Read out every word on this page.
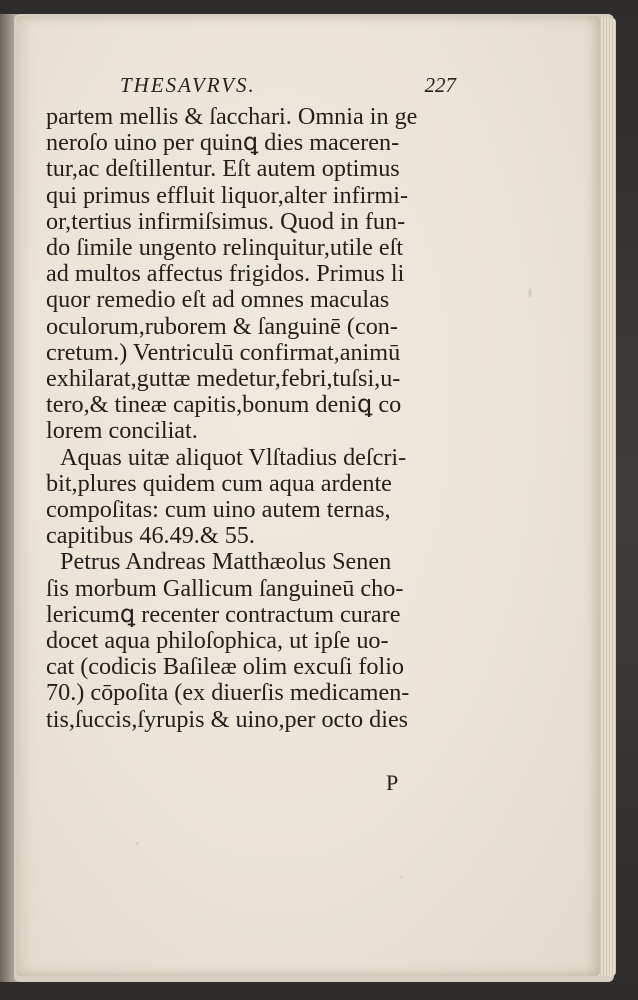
THESAVRVS.	227
partem mellis & ſacchari. Omnia in ge
neroſo uino per quinꝗ dies maceren-
tur,ac deſtillentur. Eſt autem optimus
qui primus effluit liquor,alter infirmi-
or,tertius infirmiſsimus. Quod in fun-
do ſimile ungento relinquitur,utile eſt
ad multos affectus frigidos. Primus li
quor remedio eſt ad omnes maculas
oculorum,ruborem & ſanguinē (con-
cretum.) Ventriculū confirmat,animū
exhilarat,guttæ medetur,febri,tuſsi,u-
tero,& tineæ capitis,bonum deniꝗ co
lorem conciliat.
Aquas uitæ aliquot Vlſtadius deſcri-
bit,plures quidem cum aqua ardente
compoſitas: cum uino autem ternas,
capitibus 46.49.& 55.
Petrus Andreas Matthæolus Senen
ſis morbum Gallicum ſanguineū cho-
lericumꝗ recenter contractum curare
docet aqua philoſophica, ut ipſe uo-
cat (codicis Baſileæ olim excuſi folio
70.) cōpoſita (ex diuerſis medicamen-
tis,ſuccis,ſyrupis & uino,per octo dies
P
